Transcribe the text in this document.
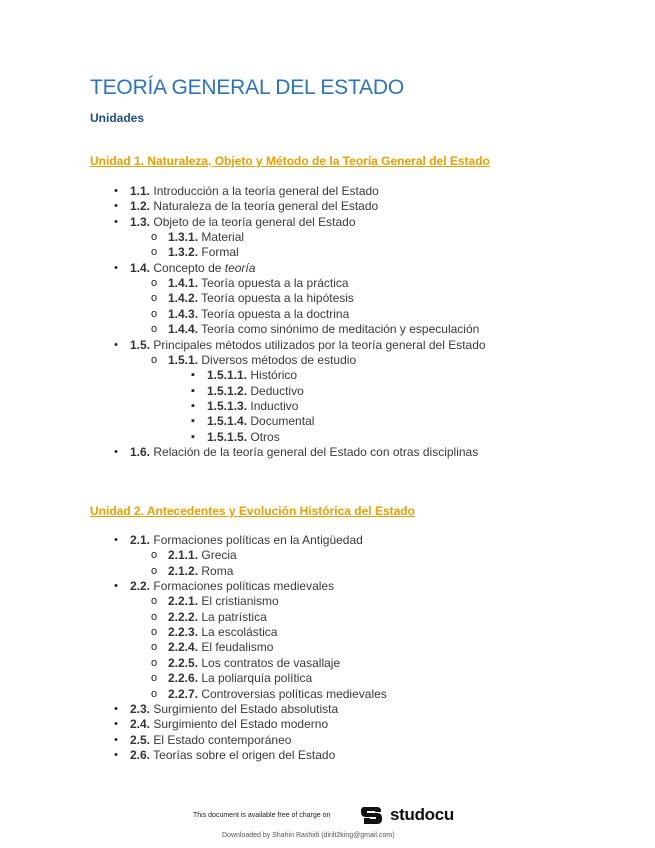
TEORÍA GENERAL DEL ESTADO
Unidades
Unidad 1. Naturaleza, Objeto y Método de la Teoría General del Estado
•	1.1. Introducción a la teoría general del Estado
•	1.2. Naturaleza de la teoría general del Estado
•	1.3. Objeto de la teoría general del Estado
o 1.3.1. Material
o 1.3.2. Formal
•	1.4. Concepto de teoría
o 1.4.1. Teoría opuesta a la práctica
o 1.4.2. Teoría opuesta a la hipótesis
o 1.4.3. Teoría opuesta a la doctrina
o 1.4.4. Teoría como sinónimo de meditación y especulación
•	1.5. Principales métodos utilizados por la teoría general del Estado
o 1.5.1. Diversos métodos de estudio
▪	1.5.1.1. Histórico
▪	1.5.1.2. Deductivo
▪	1.5.1.3. Inductivo
▪	1.5.1.4. Documental
▪	1.5.1.5. Otros
•	1.6. Relación de la teoría general del Estado con otras disciplinas
Unidad 2. Antecedentes y Evolución Histórica del Estado
•	2.1. Formaciones políticas en la Antigüedad
o 2.1.1. Grecia
o 2.1.2. Roma
•	2.2. Formaciones políticas medievales
o 2.2.1. El cristianismo
o 2.2.2. La patrística
o 2.2.3. La escolástica
o 2.2.4. El feudalismo
o 2.2.5. Los contratos de vasallaje
o 2.2.6. La poliarquía política
o 2.2.7. Controversias políticas medievales
•	2.3. Surgimiento del Estado absolutista
•	2.4. Surgimiento del Estado moderno
•	2.5. El Estado contemporáneo
•	2.6. Teorías sobre el origen del Estado
This document is available free of charge on	studocu
Downloaded by Shahin Rashidi (dirilt2king@gmail.com)
